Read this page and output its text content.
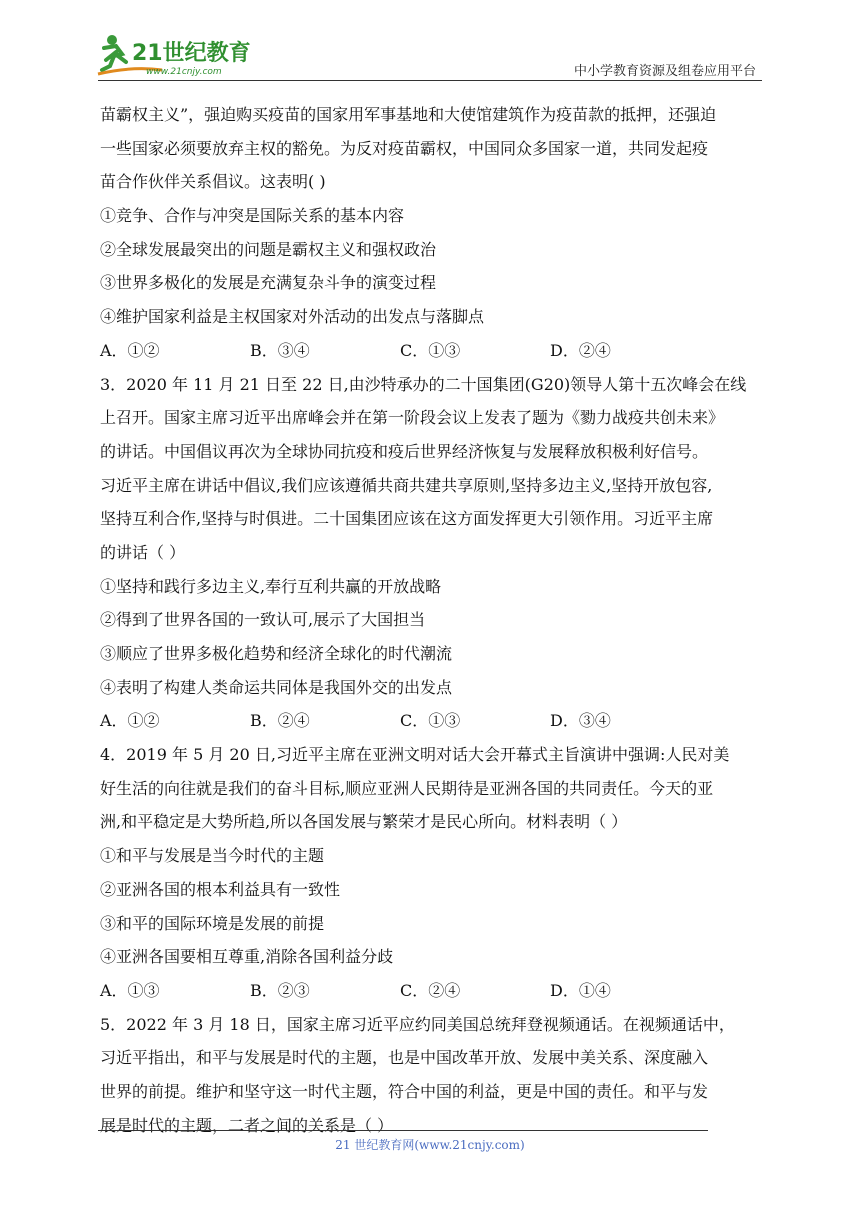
21世纪教育
www.21cnjy.com	中小学教育资源及组卷应用平台
苗霸权主义”，强迫购买疫苗的国家用军事基地和大使馆建筑作为疫苗款的抵押，还强迫
一些国家必须要放弃主权的豁免。为反对疫苗霸权，中国同众多国家一道，共同发起疫
苗合作伙伴关系倡议。这表明( )
①竞争、合作与冲突是国际关系的基本内容
②全球发展最突出的问题是霸权主义和强权政治
③世界多极化的发展是充满复杂斗争的演变过程
④维护国家利益是主权国家对外活动的出发点与落脚点
A．①②	B．③④	C．①③	D．②④
3．2020 年 11 月 21 日至 22 日,由沙特承办的二十国集团(G20)领导人第十五次峰会在线
上召开。国家主席习近平出席峰会并在第一阶段会议上发表了题为《勠力战疫共创未来》
的讲话。中国倡议再次为全球协同抗疫和疫后世界经济恢复与发展释放积极利好信号。
习近平主席在讲话中倡议,我们应该遵循共商共建共享原则,坚持多边主义,坚持开放包容,
坚持互利合作,坚持与时俱进。二十国集团应该在这方面发挥更大引领作用。习近平主席
的讲话（ ）
①坚持和践行多边主义,奉行互利共赢的开放战略
②得到了世界各国的一致认可,展示了大国担当
③顺应了世界多极化趋势和经济全球化的时代潮流
④表明了构建人类命运共同体是我国外交的出发点
A．①②	B．②④	C．①③	D．③④
4．2019 年 5 月 20 日,习近平主席在亚洲文明对话大会开幕式主旨演讲中强调:人民对美
好生活的向往就是我们的奋斗目标,顺应亚洲人民期待是亚洲各国的共同责任。今天的亚
洲,和平稳定是大势所趋,所以各国发展与繁荣才是民心所向。材料表明（ ）
①和平与发展是当今时代的主题
②亚洲各国的根本利益具有一致性
③和平的国际环境是发展的前提
④亚洲各国要相互尊重,消除各国利益分歧
A．①③	B．②③	C．②④	D．①④
5．2022 年 3 月 18 日，国家主席习近平应约同美国总统拜登视频通话。在视频通话中，
习近平指出，和平与发展是时代的主题，也是中国改革开放、发展中美关系、深度融入
世界的前提。维护和坚守这一时代主题，符合中国的利益，更是中国的责任。和平与发
展是时代的主题，二者之间的关系是（ ）
21 世纪教育网(www.21cnjy.com)
